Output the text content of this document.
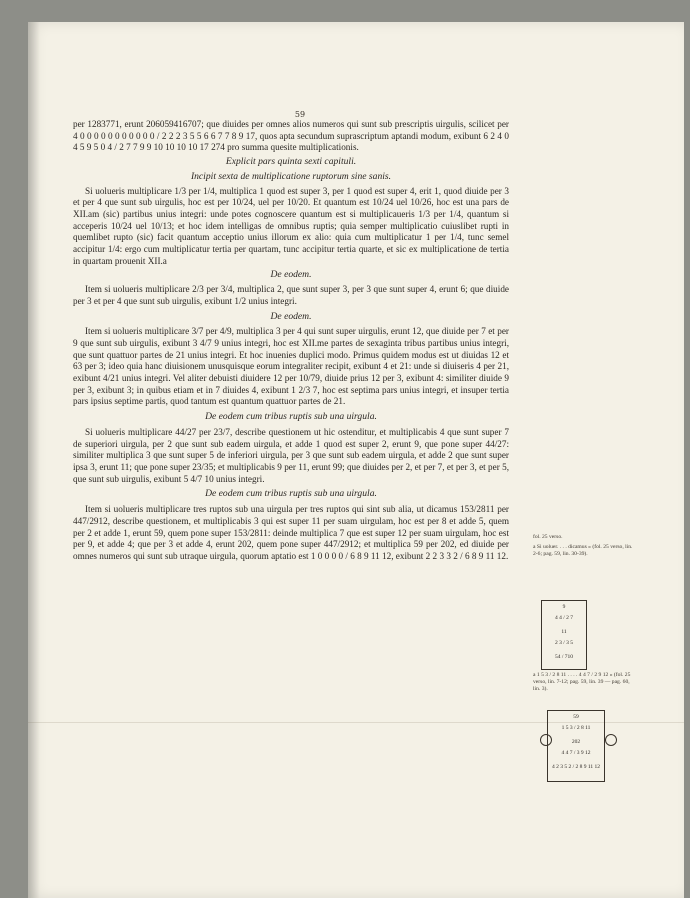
59

per 1283771, erunt 206059416707; que diuides per omnes alios numeros qui sunt sub prescriptis uirgulis, scilicet per 4 0 0 0 0 0 0 0 0 0 0 0 / 2 2 2 3 5 5 6 6 7 7 8 9 17, quos apta secundum suprascriptum aptandi modum, exibunt 6 2 4 0 4 5 9 5 0 4 / 2 7 7 9 9 10 10 10 10 17 274 pro summa quesite multiplicationis.

Explicit pars quinta sexti capituli.
Incipit sexta de multiplicatione ruptorum sine sanis.

Si uolueris multiplicare 1/3 per 1/4, multiplica 1 quod est super 3, per 1 quod est super 4, erit 1, quod diuide per 3 et per 4 que sunt sub uirgulis, hoc est per 10/24, uel per 10/20. Et quantum est 10/24 uel 10/26, hoc est una pars de XII.am (sic) partibus unius integri: unde potes cognoscere quantum est si multiplicaueris 1/3 per 1/4, quantum si acceperis 10/24 uel 10/13; et hoc idem intelligas de omnibus ruptis; quia semper multiplicatio cuiuslibet rupti in quemlibet rupto (sic) facit quantum acceptio unius illorum ex alio: quia cum multiplicatur 1 per 1/4, tunc semel accipitur 1/4: ergo cum multiplicatur tertia per quartam, tunc accipitur tertia quarte, et sic ex multiplicatione de tertia in quartam prouenit XII.a

De eodem.

Item si uolueris multiplicare 2/3 per 3/4, multiplica 2, que sunt super 3, per 3 que sunt super 4, erunt 6; que diuide per 3 et per 4 que sunt sub uirgulis, exibunt 1/2 unius integri.

De eodem.

Item si uolueris multiplicare 3/7 per 4/9, multiplica 3 per 4 qui sunt super uirgulis, erunt 12, que diuide per 7 et per 9 que sunt sub uirgulis, exibunt 3 4/7 9 unius integri, hoc est XII.me partes de sexaginta tribus partibus unius integri, que sunt quattuor partes de 21 unius integri. Et hoc inuenies duplici modo. Primus quidem modus est ut diuidas 12 et 63 per 3; ideo quia hanc diuisionem unusquisque eorum integraliter recipit, exibunt 4 et 21: unde si diuiseris 4 per 21, exibunt 4/21 unius integri. Vel aliter debuisti diuidere 12 per 10/79, diuide prius 12 per 3, exibunt 4: similiter diuide 9 per 3, exibunt 3; in quibus etiam et in 7 diuides 4, exibunt 1 2/3 7, hoc est septima pars unius integri, et insuper tertia pars ipsius septime partis, quod tantum est quantum quattuor partes de 21.

De eodem cum tribus ruptis sub una uirgula.

Si uolueris multiplicare 44/27 per 23/7, describe questionem ut hic ostenditur, et multiplicabis 4 que sunt super 7 de superiori uirgula, per 2 que sunt sub eadem uirgula, et adde 1 quod est super 2, erunt 9, que pone super 44/27: similiter multiplica 3 que sunt super 5 de inferiori uirgula, per 3 que sunt sub eadem uirgula, et adde 2 que sunt super ipsa 3, erunt 11; que pone super 23/35; et multiplicabis 9 per 11, erunt 99; que diuides per 2, et per 7, et per 3, et per 5, que sunt sub uirgulis, exibunt 5 4/7 10 unius integri.

De eodem cum tribus ruptis sub una uirgula.

Item si uolueris multiplicare tres ruptos sub una uirgula per tres ruptos qui sint sub alia, ut dicamus 153/2811 per 447/2912, describe questionem, et multiplicabis 3 qui est super 11 per suam uirgulam, hoc est per 8 et adde 5, quem per 2 et adde 1, erunt 59, quem pone super 153/2811: deinde multiplica 7 que est super 12 per suam uirgulam, hoc est per 9, et adde 4; que per 3 et adde 4, erunt 202, quem pone super 447/2912; et multiplica 59 per 202, ed diuide per omnes numeros qui sunt sub utraque uirgula, quorum aptatio est 1 0 0 0 0 / 6 8 9 11 12, exibunt 2 2 3 3 2 / 6 8 9 11 12.

fol. 25 verso.

a Si uoluer. . . . dicamus » (fol. 25 verso, lin. 2-6; pag. 59, lin. 30-39).

9
4 4 / 2 7
11
2 3 / 3 5
54 / 710
a 1 5 3 / 2 8 11 . . . . 4 4 7 / 2 9 12 » (fol. 25 verso, lin. 7-12; pag. 59, lin. 39 — pag. 60, lin. 3).
59
1 5 3 / 2 8 11
202
4 4 7 / 3 9 12
4 2 3 5 2 / 2 8 9 11 12
